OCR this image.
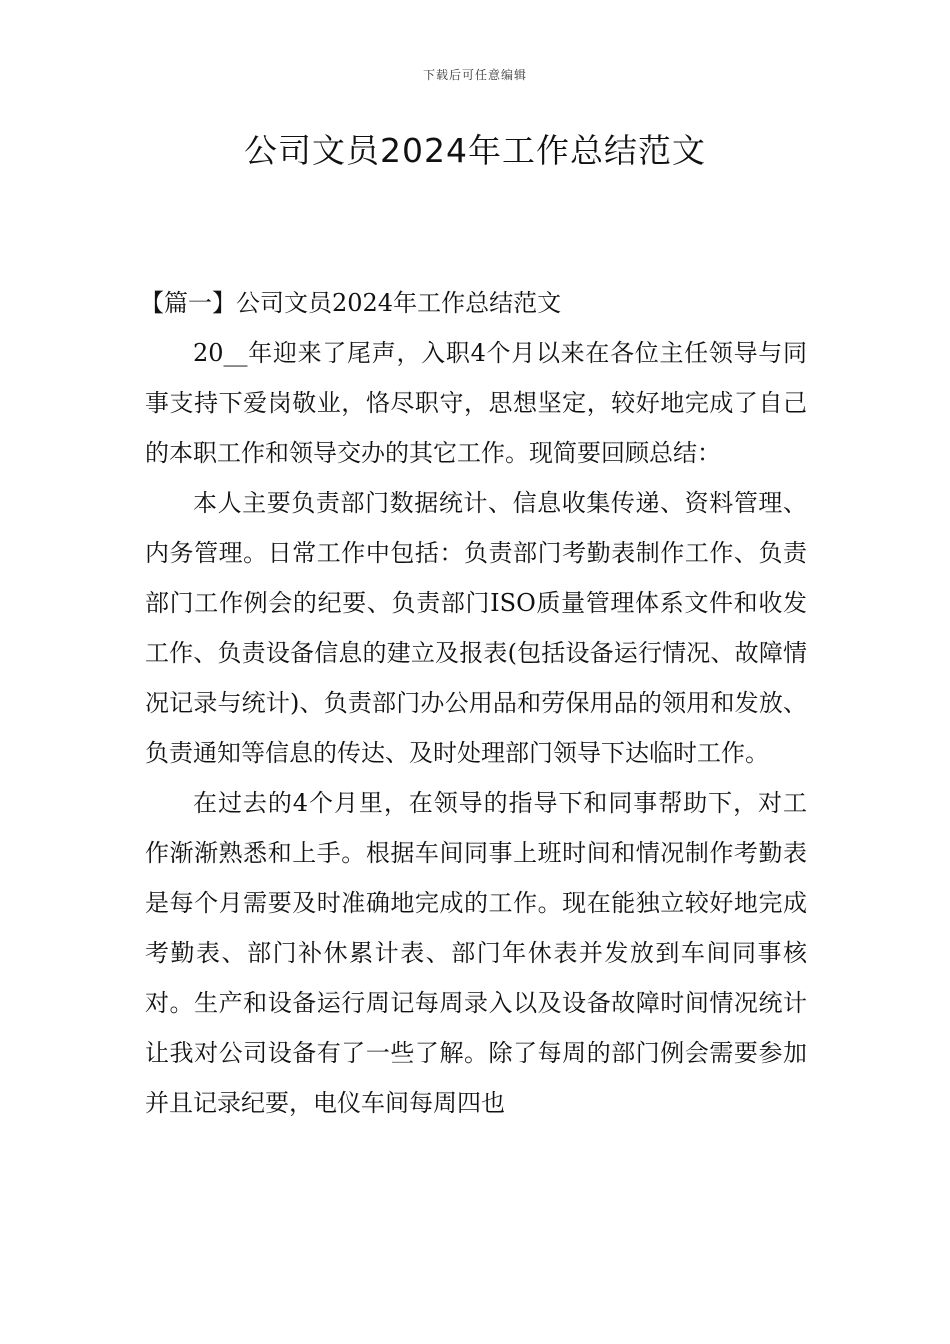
下载后可任意编辑
公司文员2024年工作总结范文
【篇一】公司文员2024年工作总结范文

20__年迎来了尾声，入职4个月以来在各位主任领导与同事支持下爱岗敬业，恪尽职守，思想坚定，较好地完成了自己的本职工作和领导交办的其它工作。现简要回顾总结：

本人主要负责部门数据统计、信息收集传递、资料管理、内务管理。日常工作中包括：负责部门考勤表制作工作、负责部门工作例会的纪要、负责部门ISO质量管理体系文件和收发工作、负责设备信息的建立及报表(包括设备运行情况、故障情况记录与统计)、负责部门办公用品和劳保用品的领用和发放、负责通知等信息的传达、及时处理部门领导下达临时工作。

在过去的4个月里，在领导的指导下和同事帮助下，对工作渐渐熟悉和上手。根据车间同事上班时间和情况制作考勤表是每个月需要及时准确地完成的工作。现在能独立较好地完成考勤表、部门补休累计表、部门年休表并发放到车间同事核对。生产和设备运行周记每周录入以及设备故障时间情况统计让我对公司设备有了一些了解。除了每周的部门例会需要参加并且记录纪要，电仪车间每周四也
